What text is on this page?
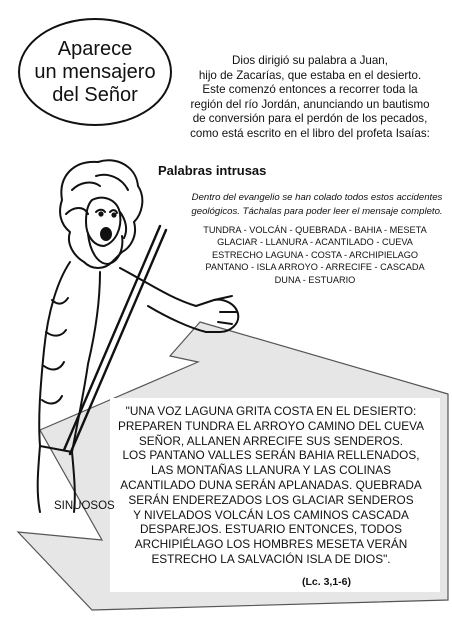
Aparece
un mensajero
del Señor
Dios dirigió su palabra a Juan,
hijo de Zacarías, que estaba en el desierto.
Este comenzó entonces a recorrer toda la
región del río Jordán, anunciando un bautismo
de conversión para el perdón de los pecados,
como está escrito en el libro del profeta Isaías:
Palabras intrusas
Dentro del evangelio se han colado todos estos accidentes
geológicos. Táchalas para poder leer el mensaje completo.
TUNDRA - VOLCÁN - QUEBRADA - BAHIA - MESETA
GLACIAR - LLANURA - ACANTILADO - CUEVA
ESTRECHO LAGUNA - COSTA - ARCHIPIELAGO
PANTANO - ISLA ARROYO - ARRECIFE - CASCADA
DUNA - ESTUARIO
"UNA VOZ LAGUNA GRITA COSTA EN EL DESIERTO:
PREPAREN TUNDRA EL ARROYO CAMINO DEL CUEVA
SEÑOR, ALLANEN ARRECIFE SUS SENDEROS.
LOS PANTANO VALLES SERÁN BAHIA RELLENADOS,
LAS MONTAÑAS LLANURA Y LAS COLINAS
ACANTILADO DUNA SERÁN APLANADAS. QUEBRADA
SERÁN ENDEREZADOS LOS GLACIAR SENDEROS
Y NIVELADOS VOLCÁN LOS CAMINOS CASCADA
DESPAREJOS. ESTUARIO ENTONCES, TODOS
ARCHIPIÉLAGO LOS HOMBRES MESETA VERÁN
ESTRECHO LA SALVACIÓN ISLA DE DIOS".
SINUOSOS
(Lc. 3,1-6)
